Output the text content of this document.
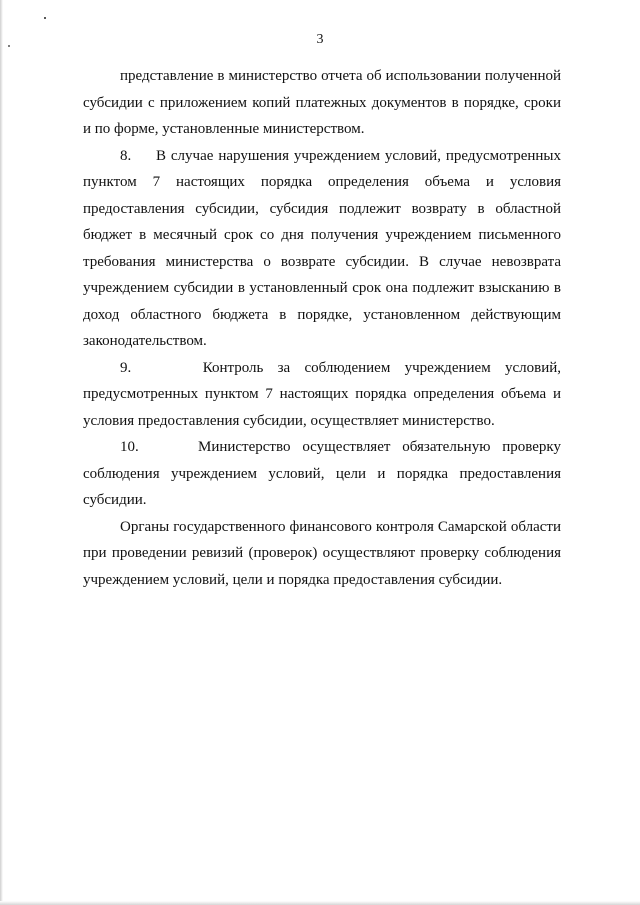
3

представление в министерство отчета об использовании полученной субсидии с приложением копий платежных документов в порядке, сроки и по форме, установленные министерством.

8. В случае нарушения учреждением условий, предусмотренных пунктом 7 настоящих порядка определения объема и условия предоставления субсидии, субсидия подлежит возврату в областной бюджет в месячный срок со дня получения учреждением письменного требования министерства о возврате субсидии. В случае невозврата учреждением субсидии в установленный срок она подлежит взысканию в доход областного бюджета в порядке, установленном действующим законодательством.

9.	Контроль за соблюдением учреждением условий, предусмотренных пунктом 7 настоящих порядка определения объема и условия предоставления субсидии, осуществляет министерство.

10.	Министерство осуществляет обязательную проверку соблюдения учреждением условий, цели и порядка предоставления субсидии.

Органы государственного финансового контроля Самарской области при проведении ревизий (проверок) осуществляют проверку соблюдения учреждением условий, цели и порядка предоставления субсидии.
